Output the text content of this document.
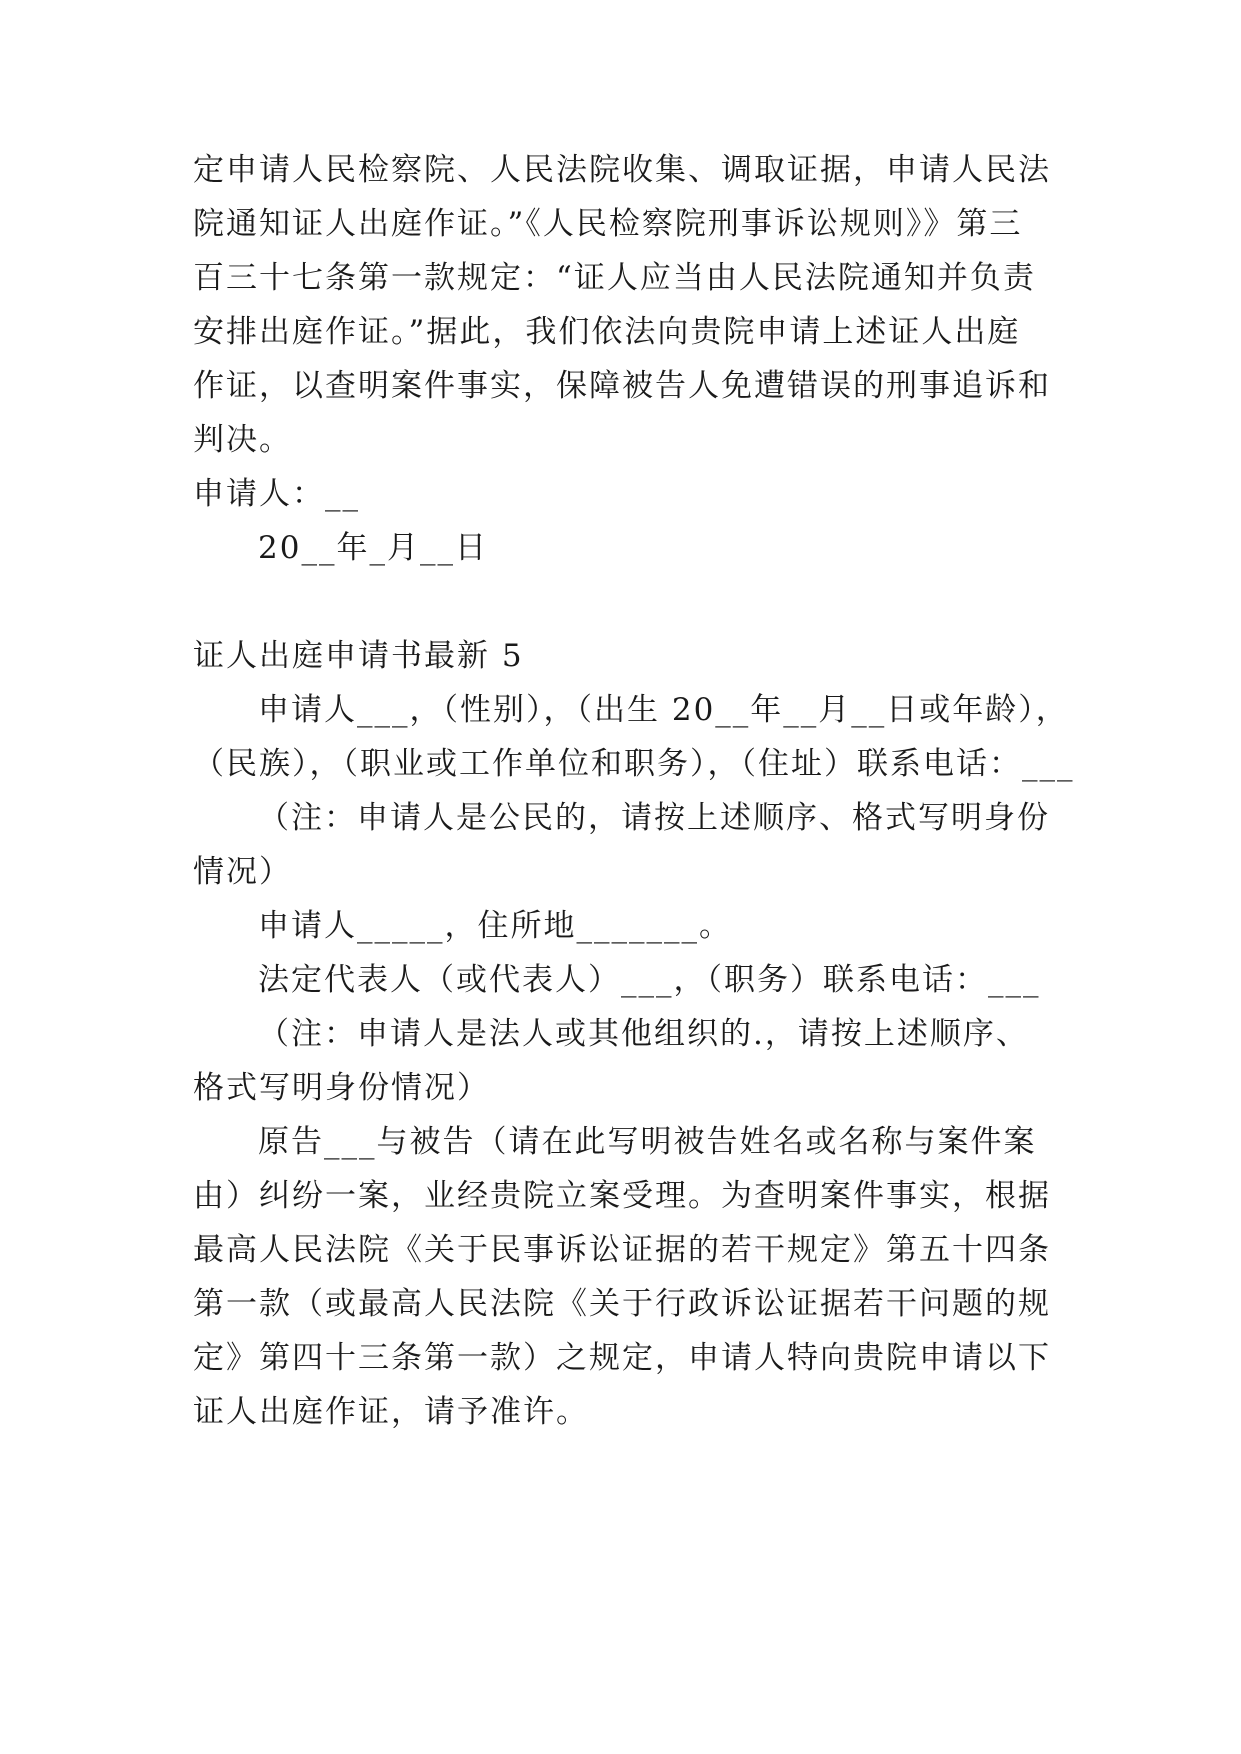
定申请人民检察院、人民法院收集、调取证据，申请人民法
院通知证人出庭作证。”《人民检察院刑事诉讼规则》》第三
百三十七条第一款规定：“证人应当由人民法院通知并负责
安排出庭作证。”据此，我们依法向贵院申请上述证人出庭
作证，以查明案件事实，保障被告人免遭错误的刑事追诉和
判决。
申请人：__
20__年_月__日
证人出庭申请书最新 5
申请人___，（性别），（出生 20__年__月__日或年龄），
（民族），（职业或工作单位和职务），（住址）联系电话：___
（注：申请人是公民的，请按上述顺序、格式写明身份
情况）
申请人_____，住所地_______。
法定代表人（或代表人）___，（职务）联系电话：___
（注：申请人是法人或其他组织的.，请按上述顺序、
格式写明身份情况）
原告___与被告（请在此写明被告姓名或名称与案件案
由）纠纷一案，业经贵院立案受理。为查明案件事实，根据
最高人民法院《关于民事诉讼证据的若干规定》第五十四条
第一款（或最高人民法院《关于行政诉讼证据若干问题的规
定》第四十三条第一款）之规定，申请人特向贵院申请以下
证人出庭作证，请予准许。
